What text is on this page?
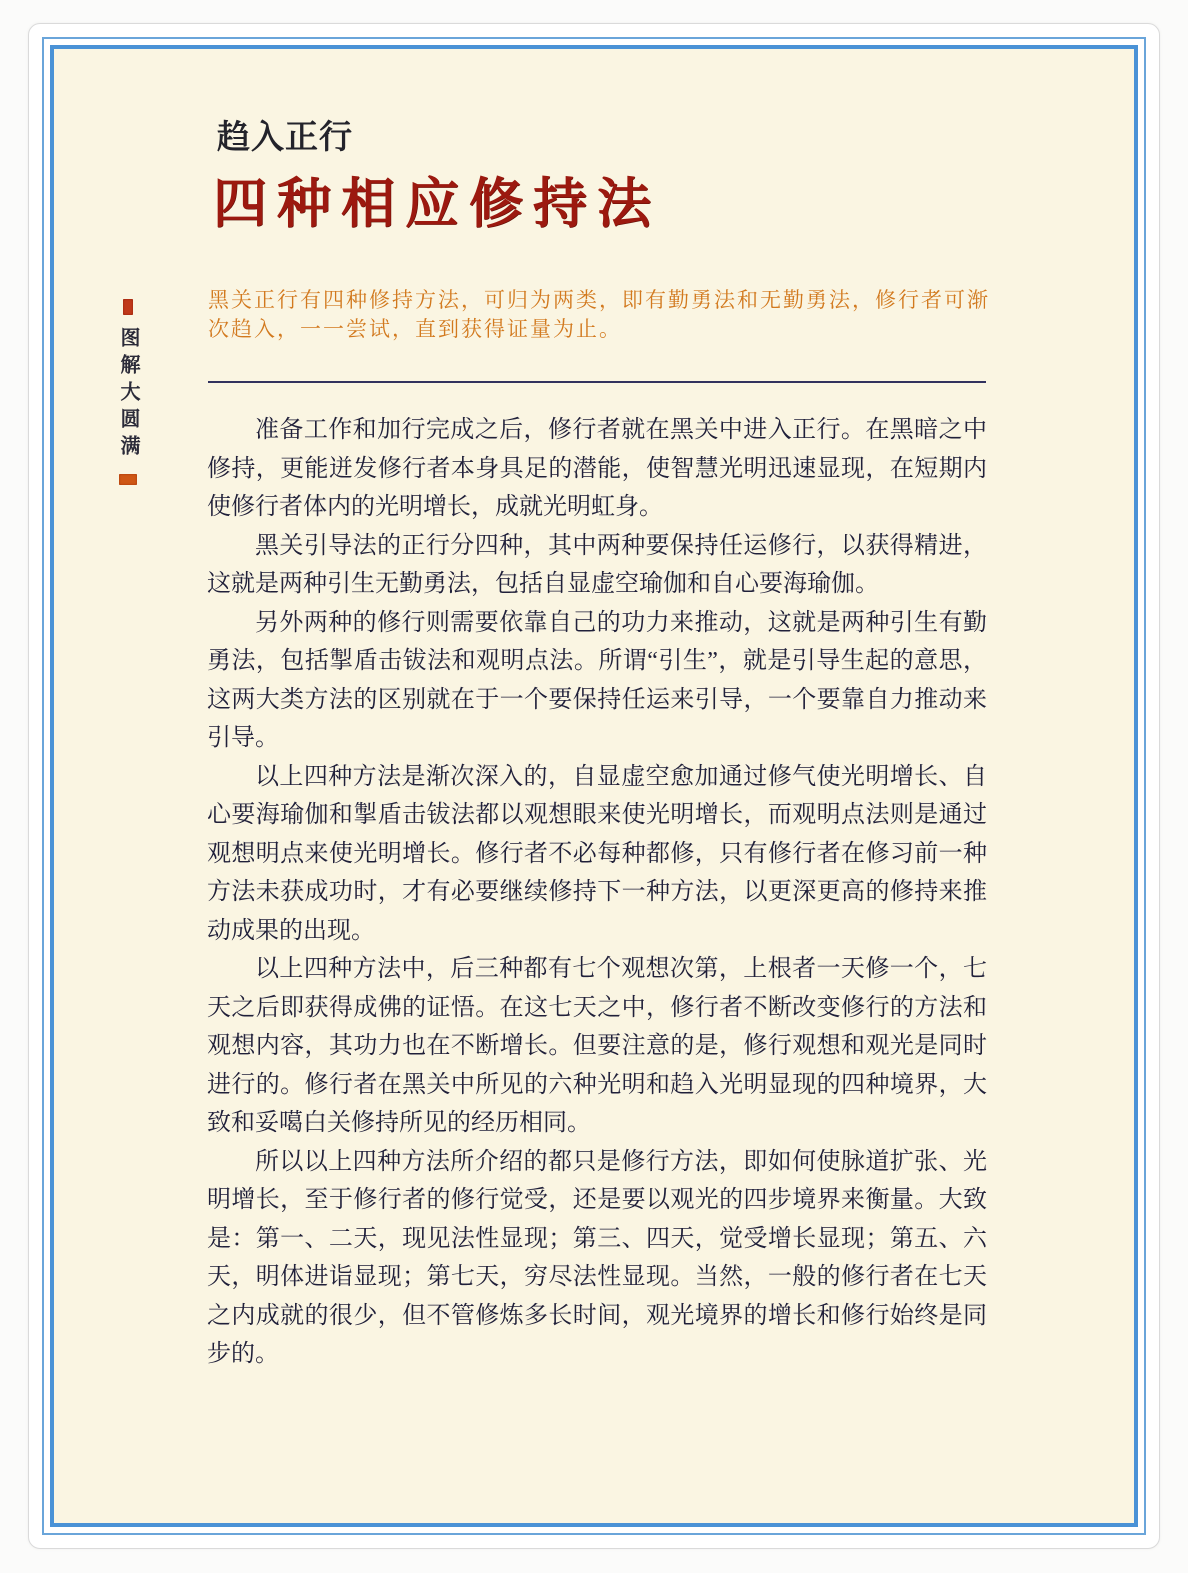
图解大圆满
趋入正行
四种相应修持法
黑关正行有四种修持方法，可归为两类，即有勤勇法和无勤勇法，修行者可渐
次趋入，一一尝试，直到获得证量为止。

准备工作和加行完成之后，修行者就在黑关中进入正行。在黑暗之中修持，更能迸发修行者本身具足的潜能，使智慧光明迅速显现，在短期内使修行者体内的光明增长，成就光明虹身。

黑关引导法的正行分四种，其中两种要保持任运修行，以获得精进，这就是两种引生无勤勇法，包括自显虚空瑜伽和自心要海瑜伽。

另外两种的修行则需要依靠自己的功力来推动，这就是两种引生有勤勇法，包括掣盾击钹法和观明点法。所谓“引生”，就是引导生起的意思，这两大类方法的区别就在于一个要保持任运来引导，一个要靠自力推动来引导。

以上四种方法是渐次深入的，自显虚空愈加通过修气使光明增长、自心要海瑜伽和掣盾击钹法都以观想眼来使光明增长，而观明点法则是通过观想明点来使光明增长。修行者不必每种都修，只有修行者在修习前一种方法未获成功时，才有必要继续修持下一种方法，以更深更高的修持来推动成果的出现。

以上四种方法中，后三种都有七个观想次第，上根者一天修一个，七天之后即获得成佛的证悟。在这七天之中，修行者不断改变修行的方法和观想内容，其功力也在不断增长。但要注意的是，修行观想和观光是同时进行的。修行者在黑关中所见的六种光明和趋入光明显现的四种境界，大致和妥噶白关修持所见的经历相同。

所以以上四种方法所介绍的都只是修行方法，即如何使脉道扩张、光明增长，至于修行者的修行觉受，还是要以观光的四步境界来衡量。大致是：第一、二天，现见法性显现；第三、四天，觉受增长显现；第五、六天，明体进诣显现；第七天，穷尽法性显现。当然，一般的修行者在七天之内成就的很少，但不管修炼多长时间，观光境界的增长和修行始终是同步的。
